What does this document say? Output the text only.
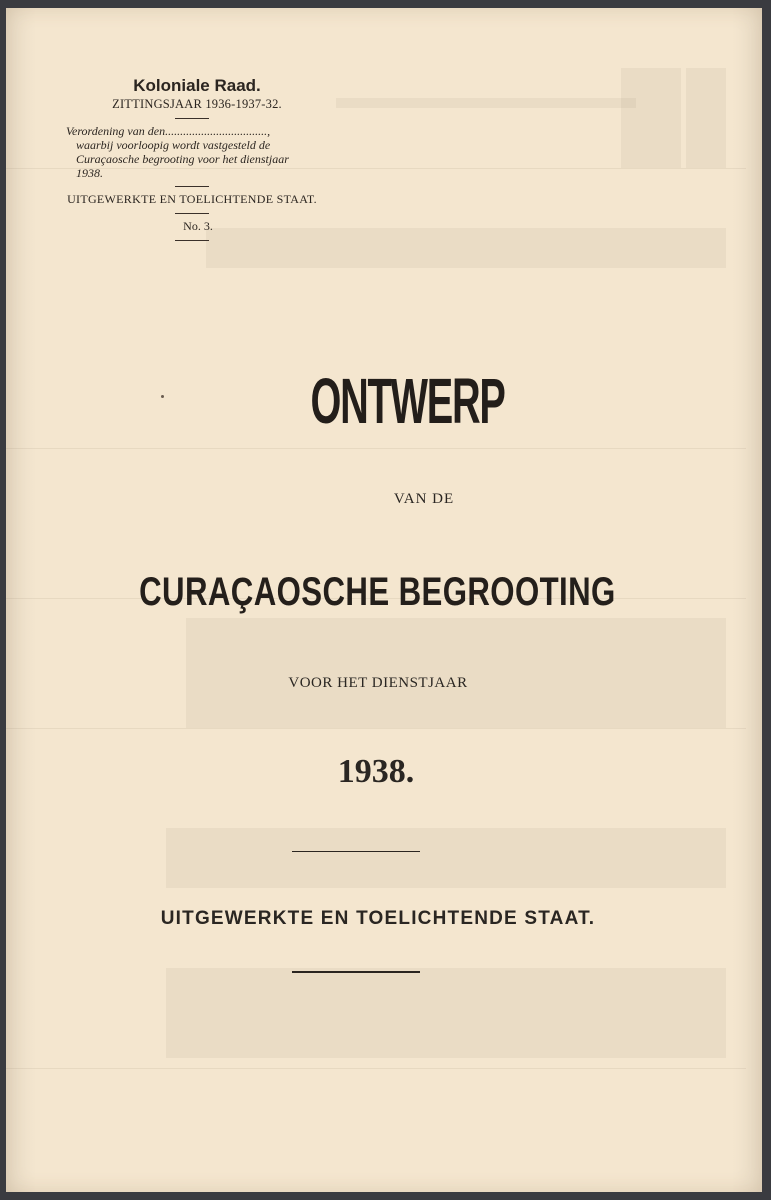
Koloniale Raad.
ZITTINGSJAAR 1936-1937-32.
Verordening van den..................................,
waarbij voorloopig wordt vastgesteld de
Curaçaosche begrooting voor het dienstjaar
1938.
UITGEWERKTE EN TOELICHTENDE STAAT.
No. 3.
ONTWERP
VAN DE
CURAÇAOSCHE BEGROOTING
VOOR HET DIENSTJAAR
1938.
UITGEWERKTE EN TOELICHTENDE STAAT.
